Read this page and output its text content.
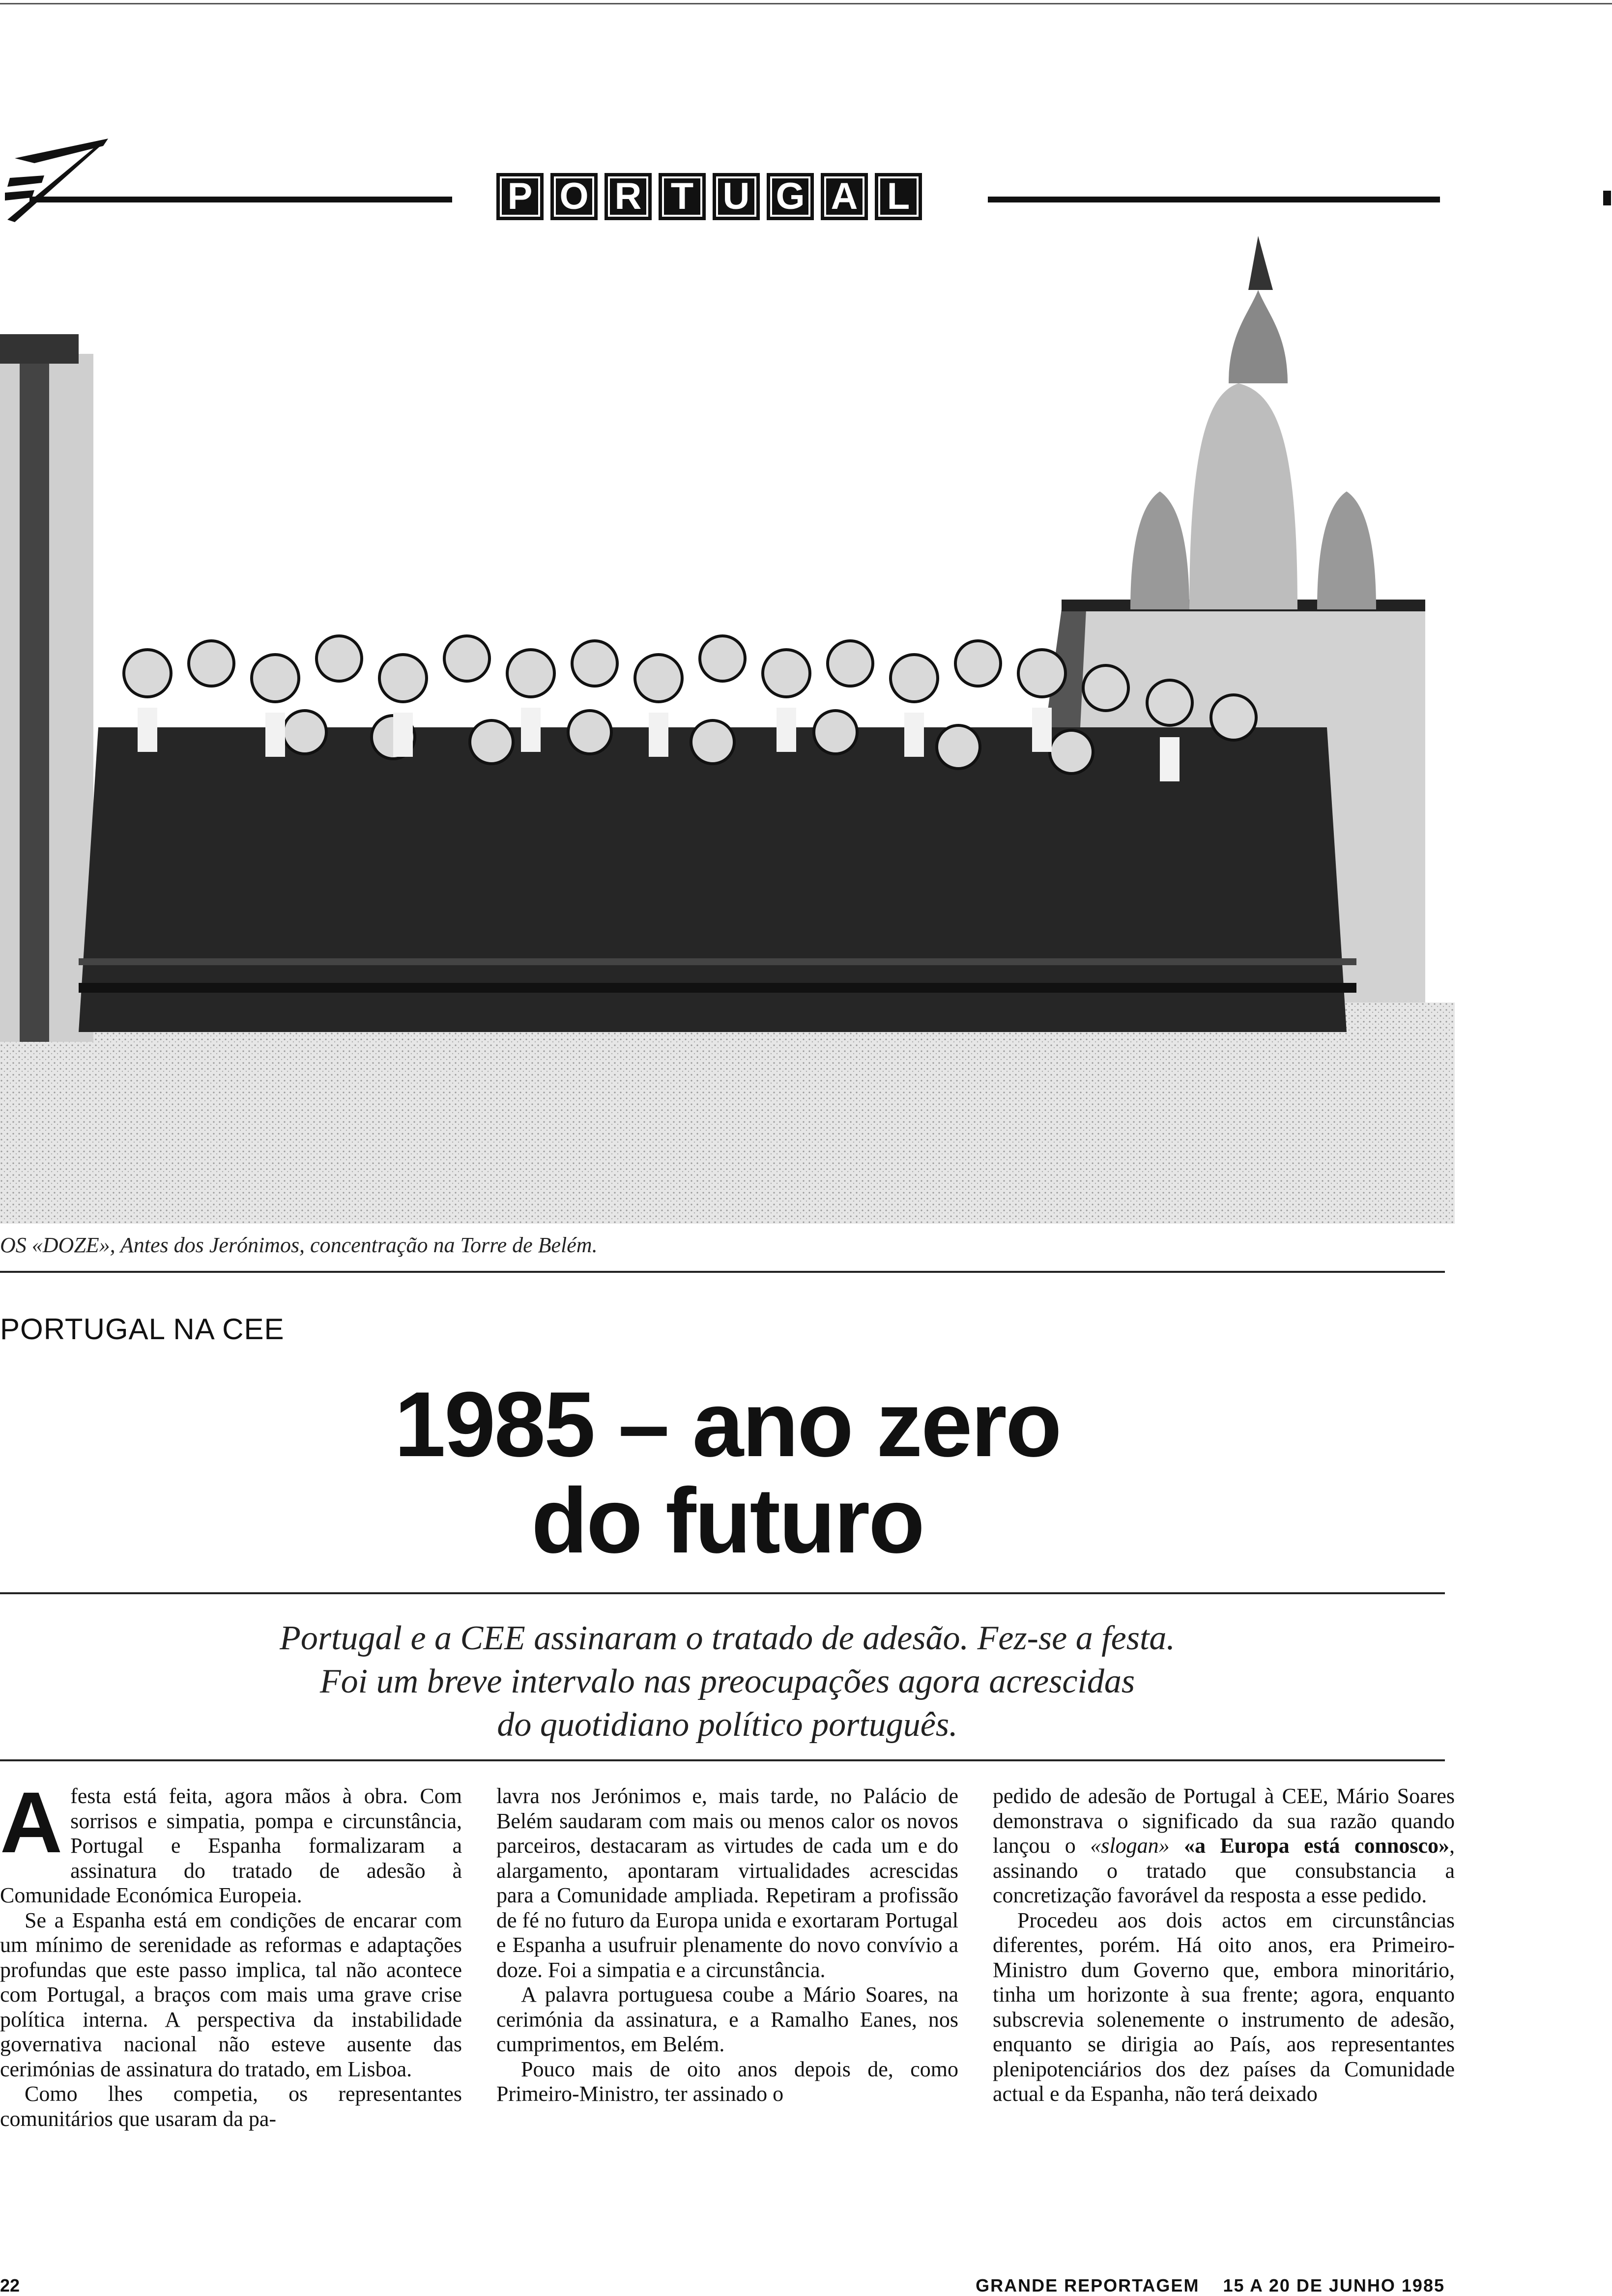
P O R T U G A L
OS «DOZE», Antes dos Jerónimos, concentração na Torre de Belém.
PORTUGAL NA CEE
1985 – ano zero
do futuro
Portugal e a CEE assinaram o tratado de adesão. Fez-se a festa.
Foi um breve intervalo nas preocupações agora acrescidas
do quotidiano político português.

Afesta está feita, agora mãos à obra. Com sorrisos e simpatia, pompa e circunstância, Portugal e Espanha formalizaram a assinatura do tratado de adesão à Comunidade Económica Europeia.

Se a Espanha está em condições de encarar com um mínimo de serenidade as reformas e adaptações profundas que este passo implica, tal não acontece com Portugal, a braços com mais uma grave crise política interna. A perspectiva da instabilidade governativa nacional não esteve ausente das cerimónias de assinatura do tratado, em Lisboa.

Como lhes competia, os representantes comunitários que usaram da pa-

lavra nos Jerónimos e, mais tarde, no Palácio de Belém saudaram com mais ou menos calor os novos parceiros, destacaram as virtudes de cada um e do alargamento, apontaram virtualidades acrescidas para a Comunidade ampliada. Repetiram a profissão de fé no futuro da Europa unida e exortaram Portugal e Espanha a usufruir plenamente do novo convívio a doze. Foi a simpatia e a circunstância.

A palavra portuguesa coube a Mário Soares, na cerimónia da assinatura, e a Ramalho Eanes, nos cumprimentos, em Belém.

Pouco mais de oito anos depois de, como Primeiro-Ministro, ter assinado o

pedido de adesão de Portugal à CEE, Mário Soares demonstrava o significado da sua razão quando lançou o «slogan» «a Europa está connosco», assinando o tratado que consubstancia a concretização favorável da resposta a esse pedido.

Procedeu aos dois actos em circunstâncias diferentes, porém. Há oito anos, era Primeiro-Ministro dum Governo que, embora minoritário, tinha um horizonte à sua frente; agora, enquanto subscrevia solenemente o instrumento de adesão, enquanto se dirigia ao País, aos representantes plenipotenciários dos dez países da Comunidade actual e da Espanha, não terá deixado

22	GRANDE REPORTAGEM 15 A 20 DE JUNHO 1985
